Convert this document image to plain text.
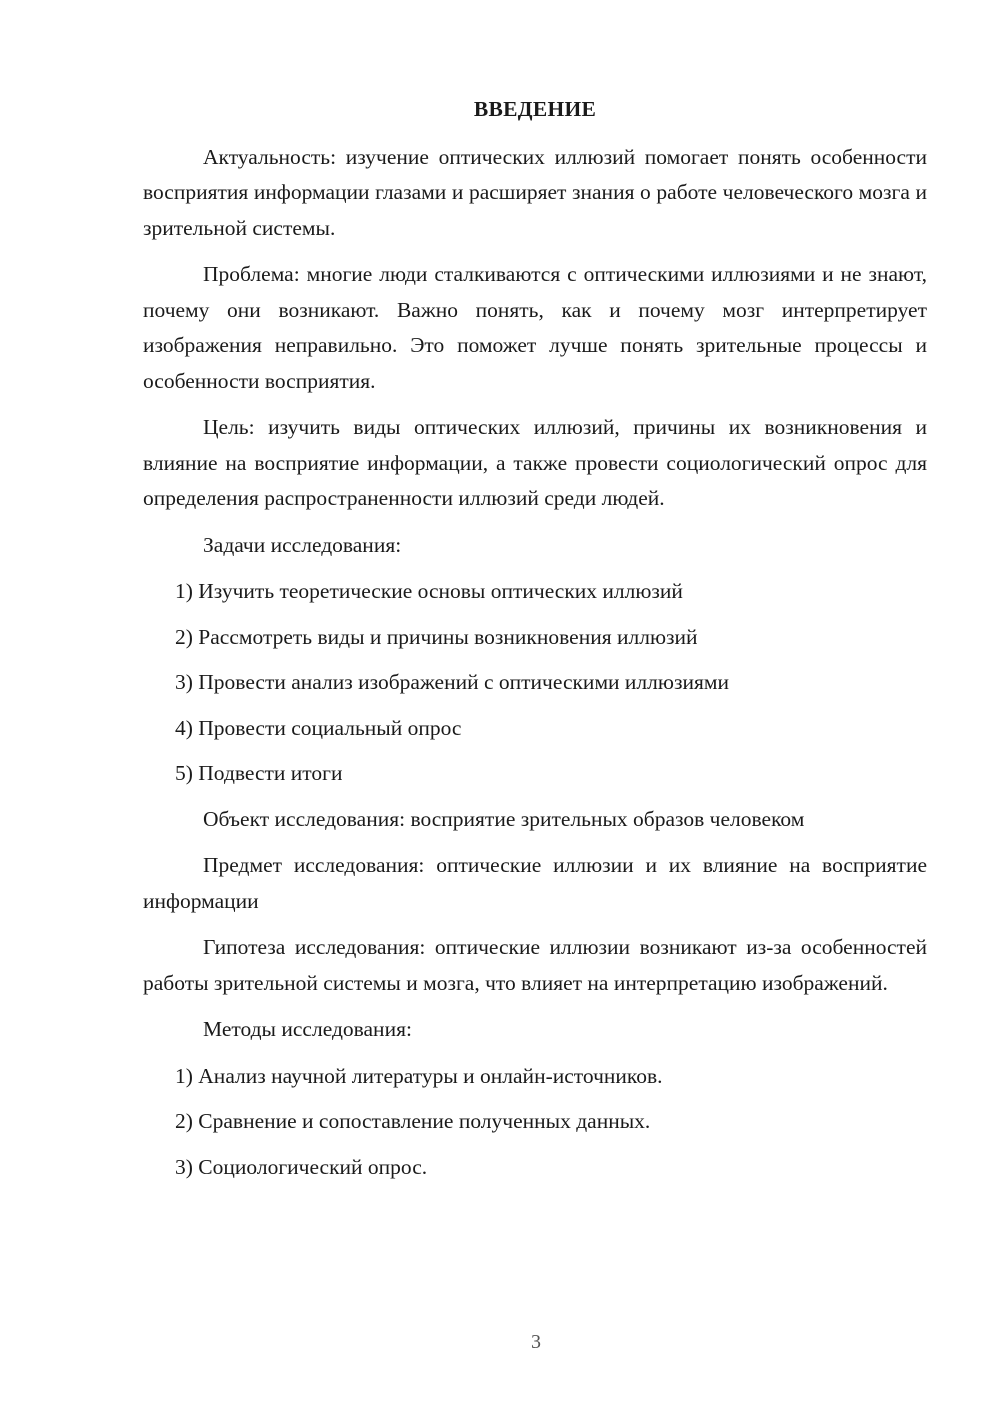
ВВЕДЕНИЕ

Актуальность: изучение оптических иллюзий помогает понять особенности восприятия информации глазами и расширяет знания о работе человеческого мозга и зрительной системы.

Проблема: многие люди сталкиваются с оптическими иллюзиями и не знают, почему они возникают. Важно понять, как и почему мозг интерпретирует изображения неправильно. Это поможет лучше понять зрительные процессы и особенности восприятия.

Цель: изучить виды оптических иллюзий, причины их возникновения и влияние на восприятие информации, а также провести социологический опрос для определения распространенности иллюзий среди людей.

Задачи исследования:

1) Изучить теоретические основы оптических иллюзий
2) Рассмотреть виды и причины возникновения иллюзий
3) Провести анализ изображений с оптическими иллюзиями
4) Провести социальный опрос
5) Подвести итоги

Объект исследования: восприятие зрительных образов человеком

Предмет исследования: оптические иллюзии и их влияние на восприятие информации

Гипотеза исследования: оптические иллюзии возникают из-за особенностей работы зрительной системы и мозга, что влияет на интерпретацию изображений.

Методы исследования:

1) Анализ научной литературы и онлайн-источников.
2) Сравнение и сопоставление полученных данных.
3) Социологический опрос.
3
